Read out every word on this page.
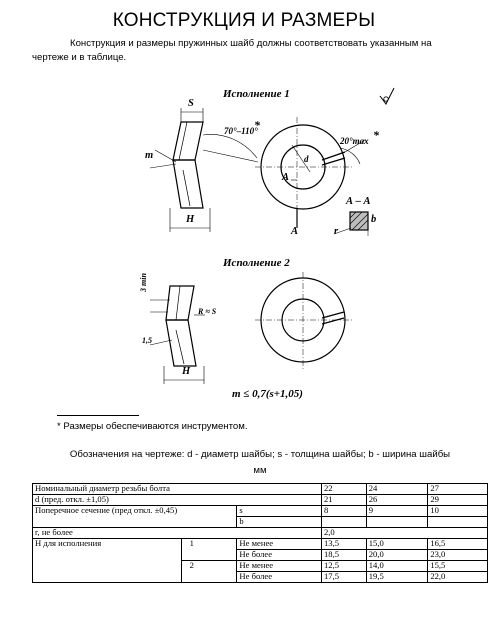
КОНСТРУКЦИЯ И РАЗМЕРЫ
Конструкция и размеры пружинных шайб должны соответствовать указанным на чертеже и в таблице.
Исполнение 1
Исполнение 2
S
m
H
70°–110°
*
20°max *
d
A
A
А – А
r
b
R ≈ S
3 min
1,5
H
m ≤ 0,7(s+1,05)
* Размеры обеспечиваются инструментом.
Обозначения на чертеже: d - диаметр шайбы; s - толщина шайбы; b - ширина шайбы
мм
Номинальный диаметр резьбы болта			22	24	27
d (пред. откл. ±1,05)			21	26	29
Поперечное сечение (пред откл. ±0,45)		s	8	9	10
		b			
r, не более			2,0		
H для исполнения	1	Не менее	13,5	15,0	16,5
		Не более	18,5	20,0	23,0
	2	Не менее	12,5	14,0	15,5
		Не более	17,5	19,5	22,0
